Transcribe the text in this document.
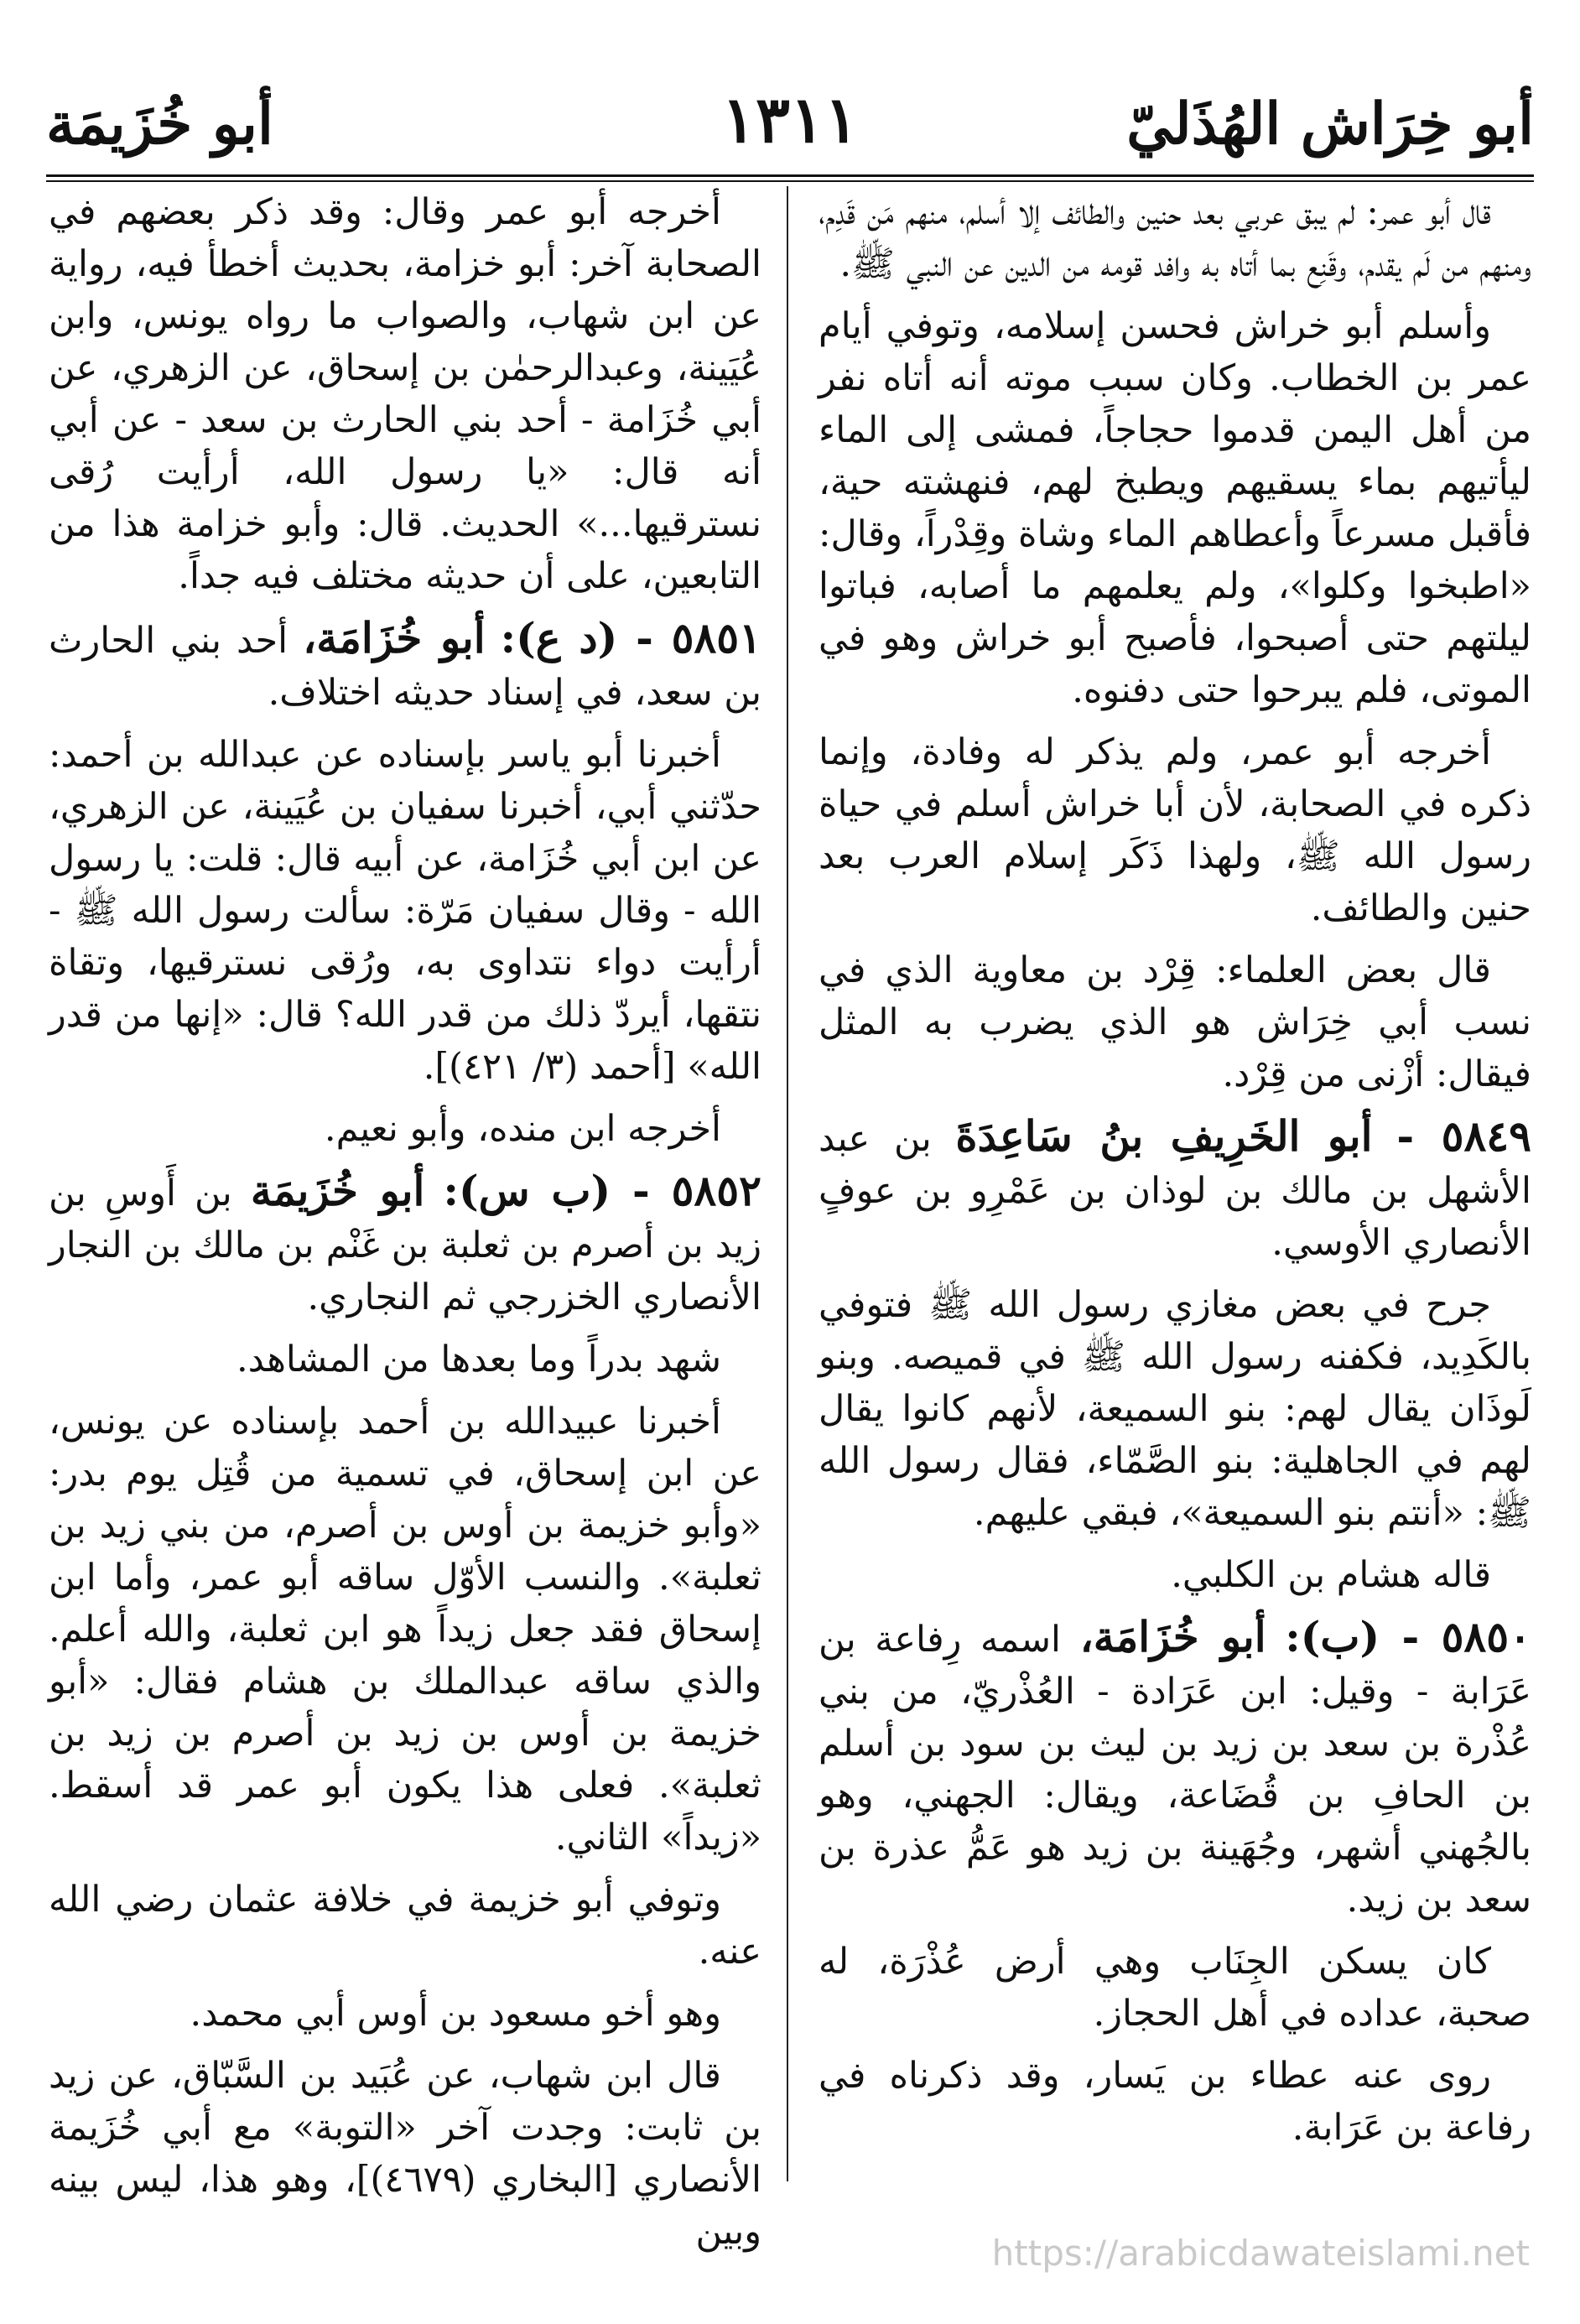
أبو خِرَاش الهُذَليّ
١٣١١
أبو خُزَيمَة

قال أبو عمر: لم يبق عربي بعد حنين والطائف إلا أسلم، منهم مَن قَدِم، ومنهم من لَم يقدم، وقَنِع بما أتاه به وافد قومه من الدين عن النبي ﷺ.

وأسلم أبو خراش فحسن إسلامه، وتوفي أيام عمر بن الخطاب. وكان سبب موته أنه أتاه نفر من أهل اليمن قدموا حجاجاً، فمشى إلى الماء ليأتيهم بماء يسقيهم ويطبخ لهم، فنهشته حية، فأقبل مسرعاً وأعطاهم الماء وشاة وقِدْراً، وقال: «اطبخوا وكلوا»، ولم يعلمهم ما أصابه، فباتوا ليلتهم حتى أصبحوا، فأصبح أبو خراش وهو في الموتى، فلم يبرحوا حتى دفنوه.

أخرجه أبو عمر، ولم يذكر له وفادة، وإنما ذكره في الصحابة، لأن أبا خراش أسلم في حياة رسول الله ﷺ، ولهذا ذَكَر إسلام العرب بعد حنين والطائف.

قال بعض العلماء: قِرْد بن معاوية الذي في نسب أبي خِرَاش هو الذي يضرب به المثل فيقال: أزْنى من قِرْد.

٥٨٤٩ - أبو الخَرِيفِ بنُ سَاعِدَةَ بن عبد الأشهل بن مالك بن لوذان بن عَمْرِو بن عوفٍ الأنصاري الأوسي.

جرح في بعض مغازي رسول الله ﷺ فتوفي بالكَدِيد، فكفنه رسول الله ﷺ في قميصه. وبنو لَوذَان يقال لهم: بنو السميعة، لأنهم كانوا يقال لهم في الجاهلية: بنو الصَّمّاء، فقال رسول الله ﷺ: «أنتم بنو السميعة»، فبقي عليهم.

قاله هشام بن الكلبي.

٥٨٥٠ - (ب): أبو خُزَامَة، اسمه رِفاعة بن عَرَابة - وقيل: ابن عَرَادة - العُذْريّ، من بني عُذْرة بن سعد بن زيد بن ليث بن سود بن أسلم بن الحافِ بن قُضَاعة، ويقال: الجهني، وهو بالجُهني أشهر، وجُهَينة بن زيد هو عَمُّ عذرة بن سعد بن زيد.

كان يسكن الجِنَاب وهي أرض عُذْرَة، له صحبة، عداده في أهل الحجاز.

روى عنه عطاء بن يَسار، وقد ذكرناه في رفاعة بن عَرَابة.

أخرجه أبو عمر وقال: وقد ذكر بعضهم في الصحابة آخر: أبو خزامة، بحديث أخطأ فيه، رواية عن ابن شهاب، والصواب ما رواه يونس، وابن عُيَينة، وعبدالرحمٰن بن إسحاق، عن الزهري، عن أبي خُزَامة - أحد بني الحارث بن سعد - عن أبي أنه قال: «يا رسول الله، أرأيت رُقى نسترقيها...» الحديث. قال: وأبو خزامة هذا من التابعين، على أن حديثه مختلف فيه جداً.

٥٨٥١ - (د ع): أبو خُزَامَة، أحد بني الحارث بن سعد، في إسناد حديثه اختلاف.

أخبرنا أبو ياسر بإسناده عن عبدالله بن أحمد: حدّثني أبي، أخبرنا سفيان بن عُيَينة، عن الزهري، عن ابن أبي خُزَامة، عن أبيه قال: قلت: يا رسول الله - وقال سفيان مَرّة: سألت رسول الله ﷺ - أرأيت دواء نتداوى به، ورُقى نسترقيها، وتقاة نتقها، أيردّ ذلك من قدر الله؟ قال: «إنها من قدر الله» [أحمد (٣/ ٤٢١)].

أخرجه ابن منده، وأبو نعيم.

٥٨٥٢ - (ب س): أبو خُزَيمَة بن أَوسِ بن زيد بن أصرم بن ثعلبة بن غَنْم بن مالك بن النجار الأنصاري الخزرجي ثم النجاري.

شهد بدراً وما بعدها من المشاهد.

أخبرنا عبيدالله بن أحمد بإسناده عن يونس، عن ابن إسحاق، في تسمية من قُتِل يوم بدر: «وأبو خزيمة بن أوس بن أصرم، من بني زيد بن ثعلبة». والنسب الأوّل ساقه أبو عمر، وأما ابن إسحاق فقد جعل زيداً هو ابن ثعلبة، والله أعلم. والذي ساقه عبدالملك بن هشام فقال: «أبو خزيمة بن أوس بن زيد بن أصرم بن زيد بن ثعلبة». فعلى هذا يكون أبو عمر قد أسقط. «زيداً» الثاني.

وتوفي أبو خزيمة في خلافة عثمان رضي الله عنه.

وهو أخو مسعود بن أوس أبي محمد.

قال ابن شهاب، عن عُبَيد بن السَّبّاق، عن زيد بن ثابت: وجدت آخر «التوبة» مع أبي خُزَيمة الأنصاري [البخاري (٤٦٧٩)]، وهو هذا، ليس بينه وبين

https://arabicdawateislami.net
